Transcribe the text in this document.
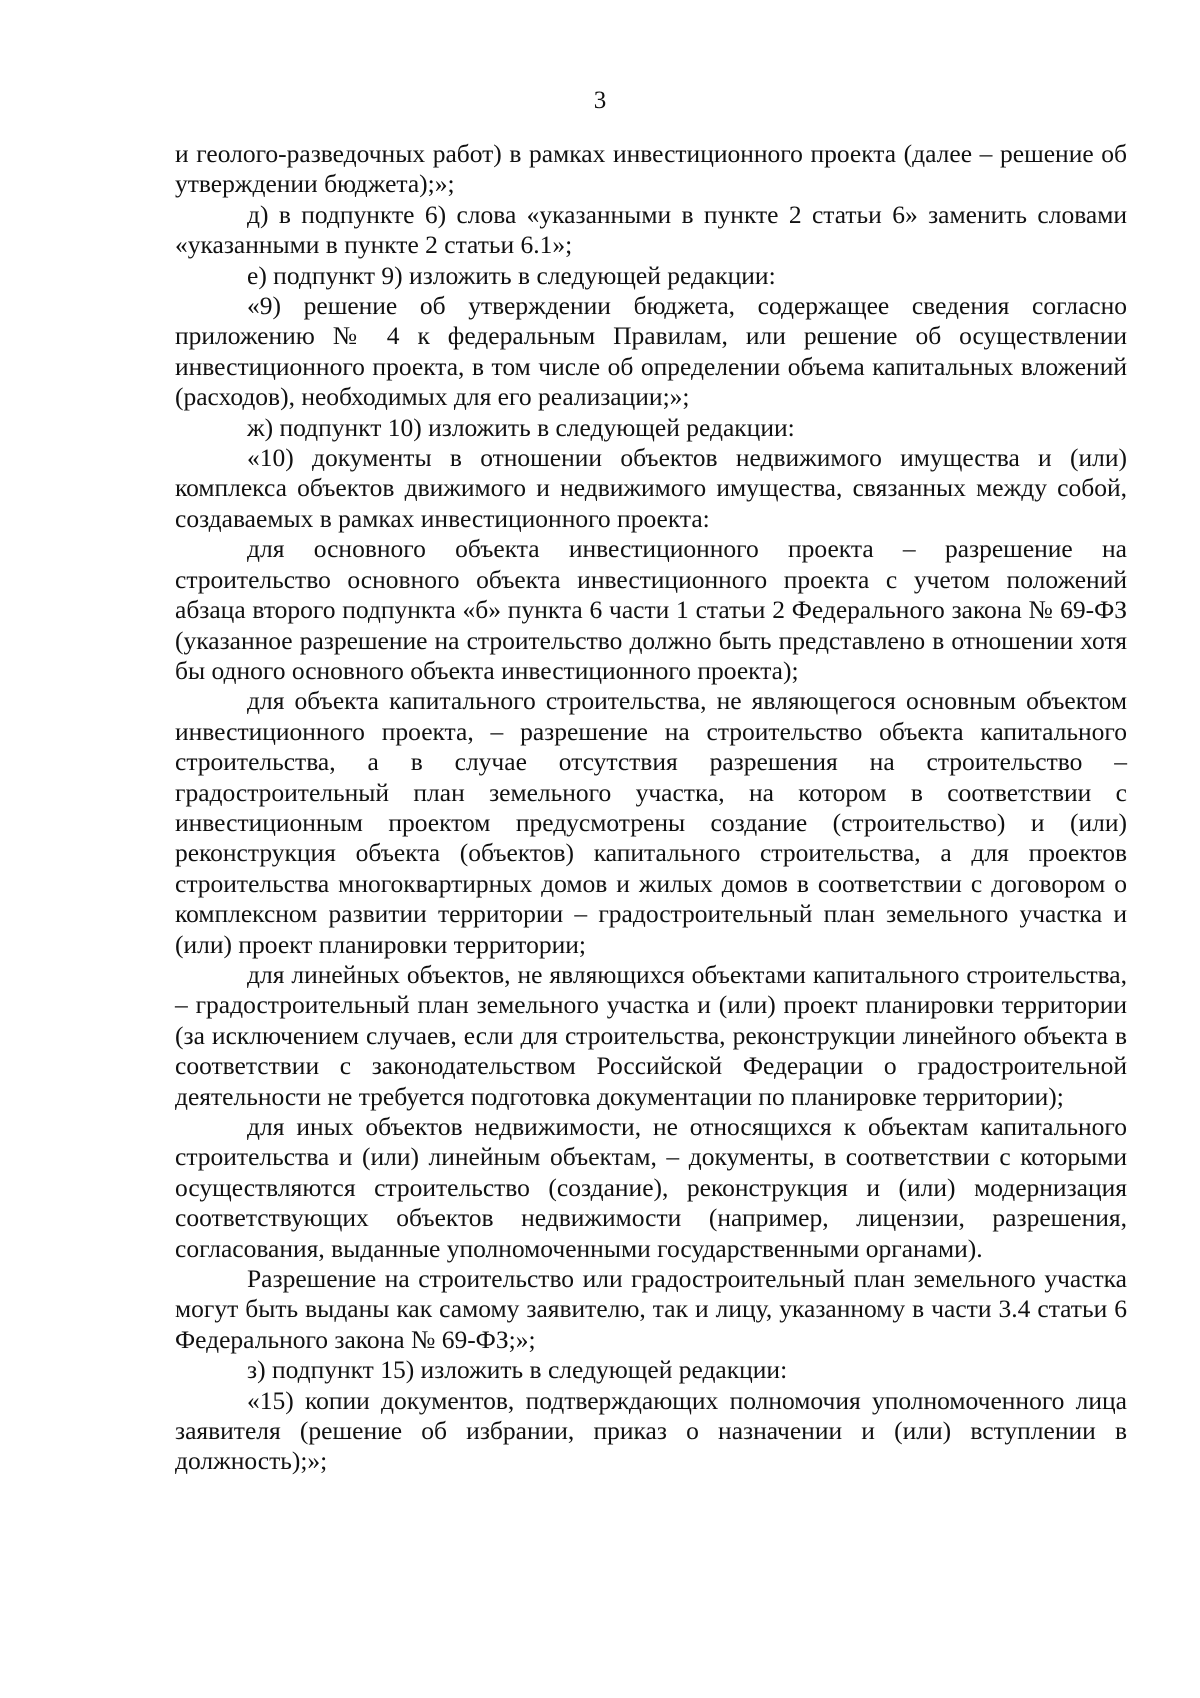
3

и геолого-разведочных работ) в рамках инвестиционного проекта (далее – решение об утверждении бюджета);»;

д) в подпункте 6) слова «указанными в пункте 2 статьи 6» заменить словами «указанными в пункте 2 статьи 6.1»;

е) подпункт 9) изложить в следующей редакции:

«9) решение об утверждении бюджета, содержащее сведения согласно приложению № 4 к федеральным Правилам, или решение об осуществлении инвестиционного проекта, в том числе об определении объема капитальных вложений (расходов), необходимых для его реализации;»;

ж) подпункт 10) изложить в следующей редакции:

«10) документы в отношении объектов недвижимого имущества и (или) комплекса объектов движимого и недвижимого имущества, связанных между собой, создаваемых в рамках инвестиционного проекта:

для основного объекта инвестиционного проекта – разрешение на строительство основного объекта инвестиционного проекта с учетом положений абзаца второго подпункта «б» пункта 6 части 1 статьи 2 Федерального закона № 69-ФЗ (указанное разрешение на строительство должно быть представлено в отношении хотя бы одного основного объекта инвестиционного проекта);

для объекта капитального строительства, не являющегося основным объектом инвестиционного проекта, – разрешение на строительство объекта капитального строительства, а в случае отсутствия разрешения на строительство – градостроительный план земельного участка, на котором в соответствии с инвестиционным проектом предусмотрены создание (строительство) и (или) реконструкция объекта (объектов) капитального строительства, а для проектов строительства многоквартирных домов и жилых домов в соответствии с договором о комплексном развитии территории – градостроительный план земельного участка и (или) проект планировки территории;

для линейных объектов, не являющихся объектами капитального строительства, – градостроительный план земельного участка и (или) проект планировки территории (за исключением случаев, если для строительства, реконструкции линейного объекта в соответствии с законодательством Российской Федерации о градостроительной деятельности не требуется подготовка документации по планировке территории);

для иных объектов недвижимости, не относящихся к объектам капитального строительства и (или) линейным объектам, – документы, в соответствии с которыми осуществляются строительство (создание), реконструкция и (или) модернизация соответствующих объектов недвижимости (например, лицензии, разрешения, согласования, выданные уполномоченными государственными органами).

Разрешение на строительство или градостроительный план земельного участка могут быть выданы как самому заявителю, так и лицу, указанному в части 3.4 статьи 6 Федерального закона № 69-ФЗ;»;

з) подпункт 15) изложить в следующей редакции:

«15) копии документов, подтверждающих полномочия уполномоченного лица заявителя (решение об избрании, приказ о назначении и (или) вступлении в должность);»;
